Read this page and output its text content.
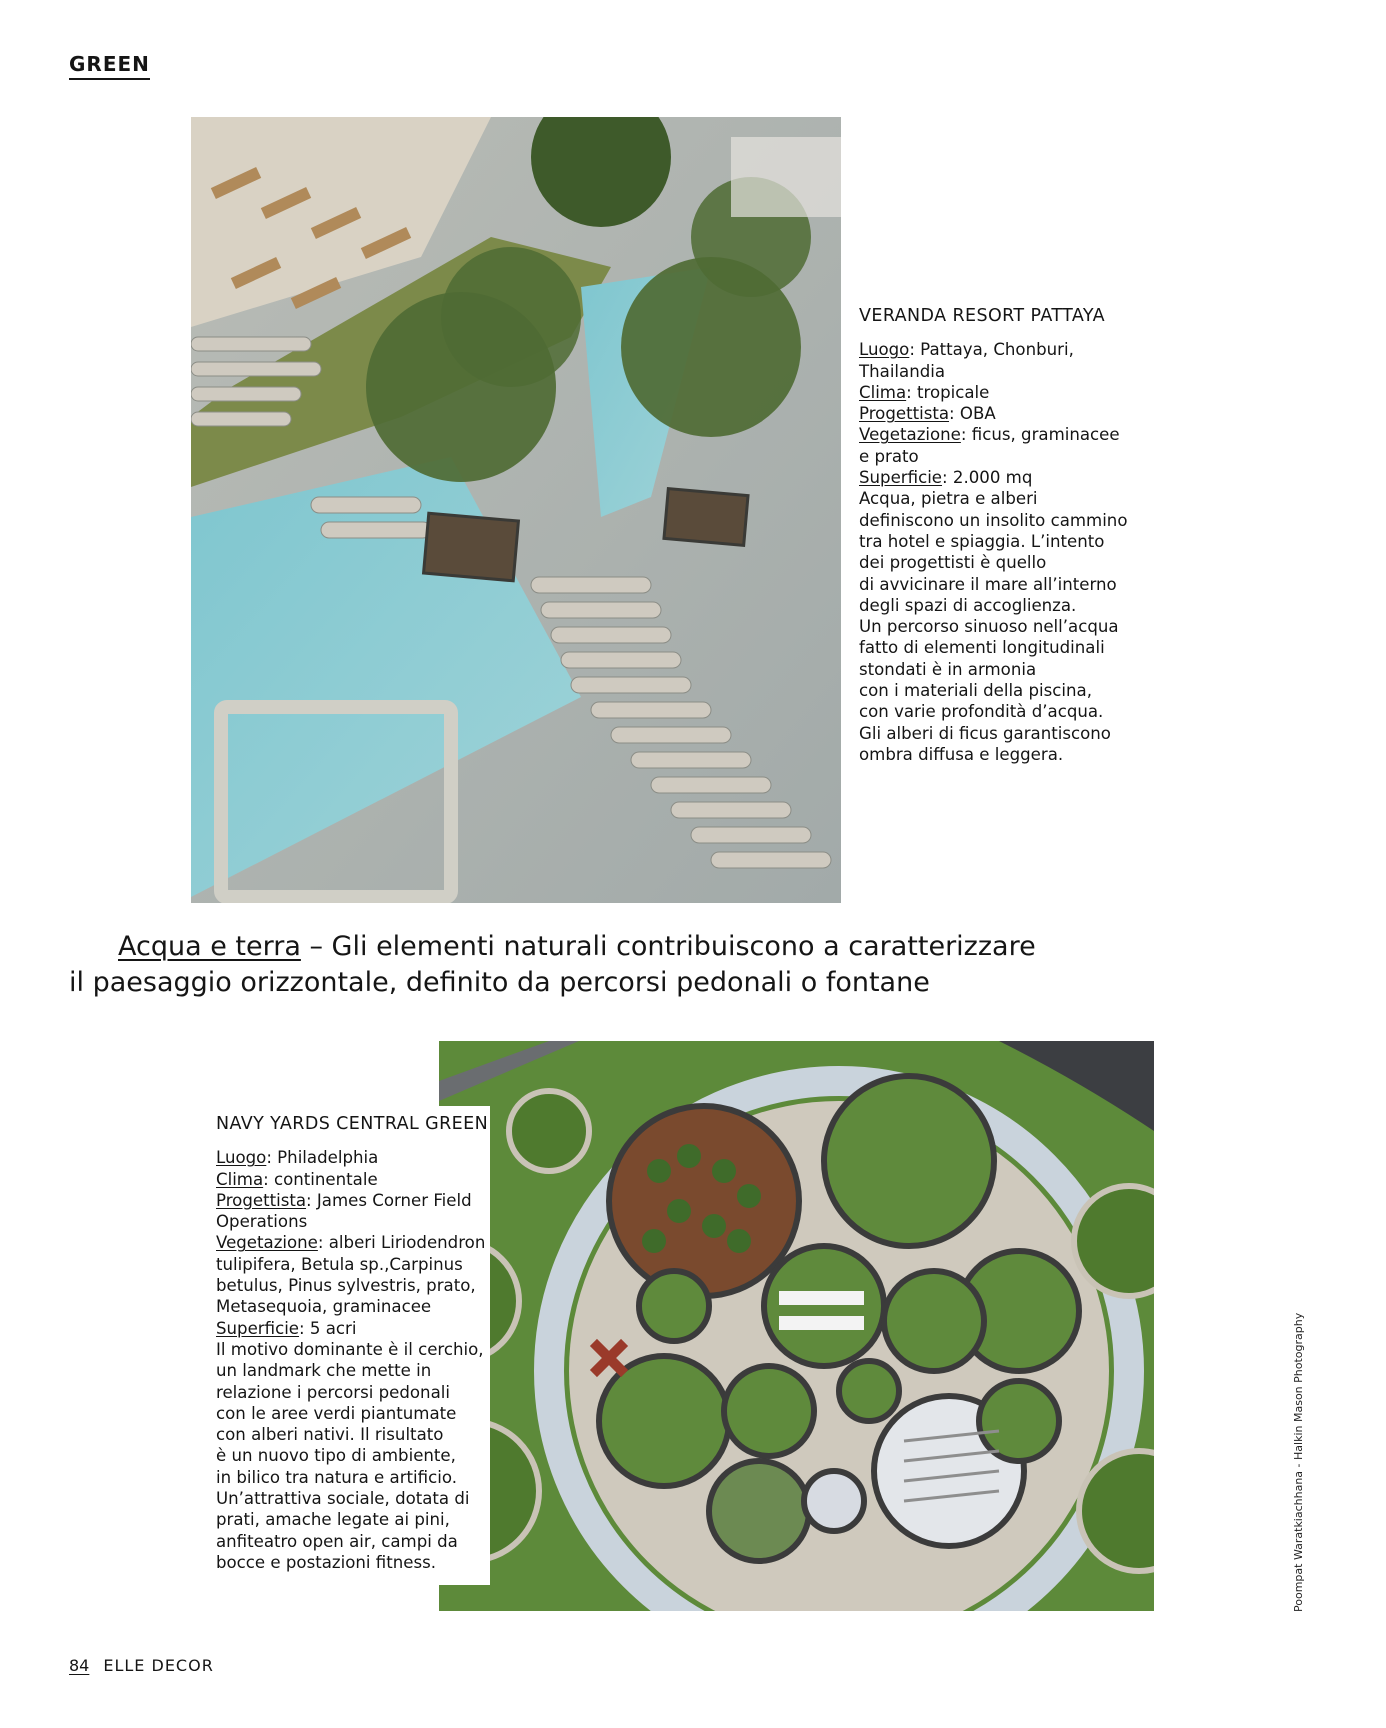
GREEN
VERANDA RESORT PATTAYA
Luogo: Pattaya, Chonburi,
Thailandia
Clima: tropicale
Progettista: OBA
Vegetazione: ficus, graminacee
e prato
Superficie: 2.000 mq
Acqua, pietra e alberi
definiscono un insolito cammino
tra hotel e spiaggia. L’intento
dei progettisti è quello
di avvicinare il mare all’interno
degli spazi di accoglienza.
Un percorso sinuoso nell’acqua
fatto di elementi longitudinali
stondati è in armonia
con i materiali della piscina,
con varie profondità d’acqua.
Gli alberi di ficus garantiscono
ombra diffusa e leggera.
Acqua e terra – Gli elementi naturali contribuiscono a caratterizzare
il paesaggio orizzontale, definito da percorsi pedonali o fontane
NAVY YARDS CENTRAL GREEN
Luogo: Philadelphia
Clima: continentale
Progettista: James Corner Field
Operations
Vegetazione: alberi Liriodendron
tulipifera, Betula sp.,Carpinus
betulus, Pinus sylvestris, prato,
Metasequoia, graminacee
Superficie: 5 acri
Il motivo dominante è il cerchio,
un landmark che mette in
relazione i percorsi pedonali
con le aree verdi piantumate
con alberi nativi. Il risultato
è un nuovo tipo di ambiente,
in bilico tra natura e artificio.
Un’attrattiva sociale, dotata di
prati, amache legate ai pini,
anfiteatro open air, campi da
bocce e postazioni fitness.	Poompat Waratkiachhana - Halkin Mason Photography
84 ELLE DECOR
